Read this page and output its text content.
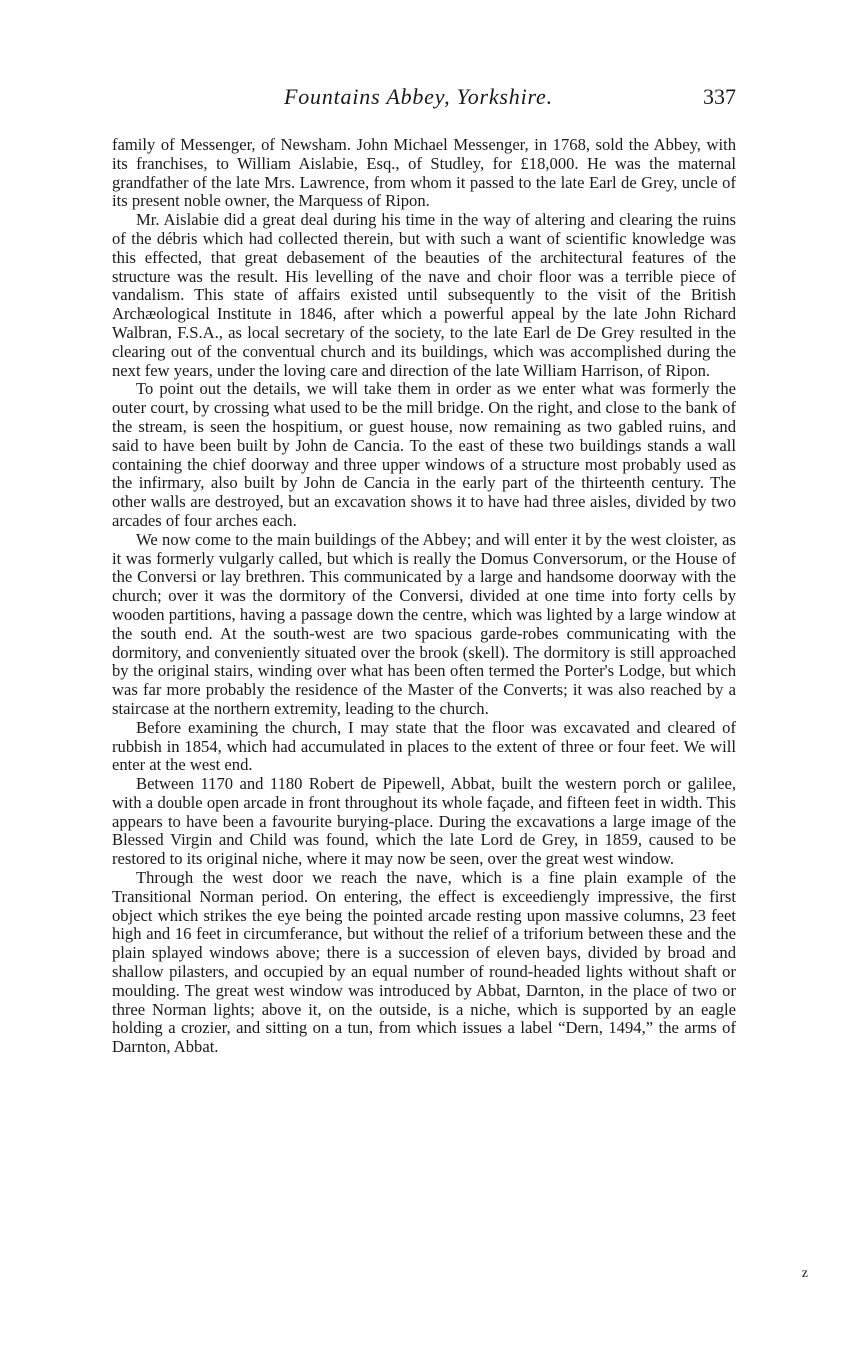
Fountains Abbey, Yorkshire.	337

family of Messenger, of Newsham. John Michael Messenger, in 1768, sold the Abbey, with its franchises, to William Aislabie, Esq., of Studley, for £18,000. He was the maternal grandfather of the late Mrs. Lawrence, from whom it passed to the late Earl de Grey, uncle of its present noble owner, the Marquess of Ripon.

Mr. Aislabie did a great deal during his time in the way of altering and clearing the ruins of the débris which had collected therein, but with such a want of scientific knowledge was this effected, that great debasement of the beauties of the architectural features of the structure was the result. His levelling of the nave and choir floor was a terrible piece of vandalism. This state of affairs existed until subsequently to the visit of the British Archæological Institute in 1846, after which a powerful appeal by the late John Richard Walbran, F.S.A., as local secretary of the society, to the late Earl de De Grey resulted in the clearing out of the conventual church and its buildings, which was accomplished during the next few years, under the loving care and direction of the late William Harrison, of Ripon.

To point out the details, we will take them in order as we enter what was formerly the outer court, by crossing what used to be the mill bridge. On the right, and close to the bank of the stream, is seen the hospitium, or guest house, now remaining as two gabled ruins, and said to have been built by John de Cancia. To the east of these two buildings stands a wall containing the chief doorway and three upper windows of a structure most probably used as the infirmary, also built by John de Cancia in the early part of the thirteenth century. The other walls are destroyed, but an excavation shows it to have had three aisles, divided by two arcades of four arches each.

We now come to the main buildings of the Abbey; and will enter it by the west cloister, as it was formerly vulgarly called, but which is really the Domus Conversorum, or the House of the Conversi or lay brethren. This communicated by a large and handsome doorway with the church; over it was the dormitory of the Conversi, divided at one time into forty cells by wooden partitions, having a passage down the centre, which was lighted by a large window at the south end. At the south-west are two spacious garde-robes communicating with the dormitory, and conveniently situated over the brook (skell). The dormitory is still approached by the original stairs, winding over what has been often termed the Porter's Lodge, but which was far more probably the residence of the Master of the Converts; it was also reached by a staircase at the northern extremity, leading to the church.

Before examining the church, I may state that the floor was excavated and cleared of rubbish in 1854, which had accumulated in places to the extent of three or four feet. We will enter at the west end.

Between 1170 and 1180 Robert de Pipewell, Abbat, built the western porch or galilee, with a double open arcade in front throughout its whole façade, and fifteen feet in width. This appears to have been a favourite burying-place. During the excavations a large image of the Blessed Virgin and Child was found, which the late Lord de Grey, in 1859, caused to be restored to its original niche, where it may now be seen, over the great west window.

Through the west door we reach the nave, which is a fine plain example of the Transitional Norman period. On entering, the effect is exceediengly impressive, the first object which strikes the eye being the pointed arcade resting upon massive columns, 23 feet high and 16 feet in circumferance, but without the relief of a triforium between these and the plain splayed windows above; there is a succession of eleven bays, divided by broad and shallow pilasters, and occupied by an equal number of round-headed lights without shaft or moulding. The great west window was introduced by Abbat, Darnton, in the place of two or three Norman lights; above it, on the outside, is a niche, which is supported by an eagle holding a crozier, and sitting on a tun, from which issues a label “Dern, 1494,” the arms of Darnton, Abbat.

z
